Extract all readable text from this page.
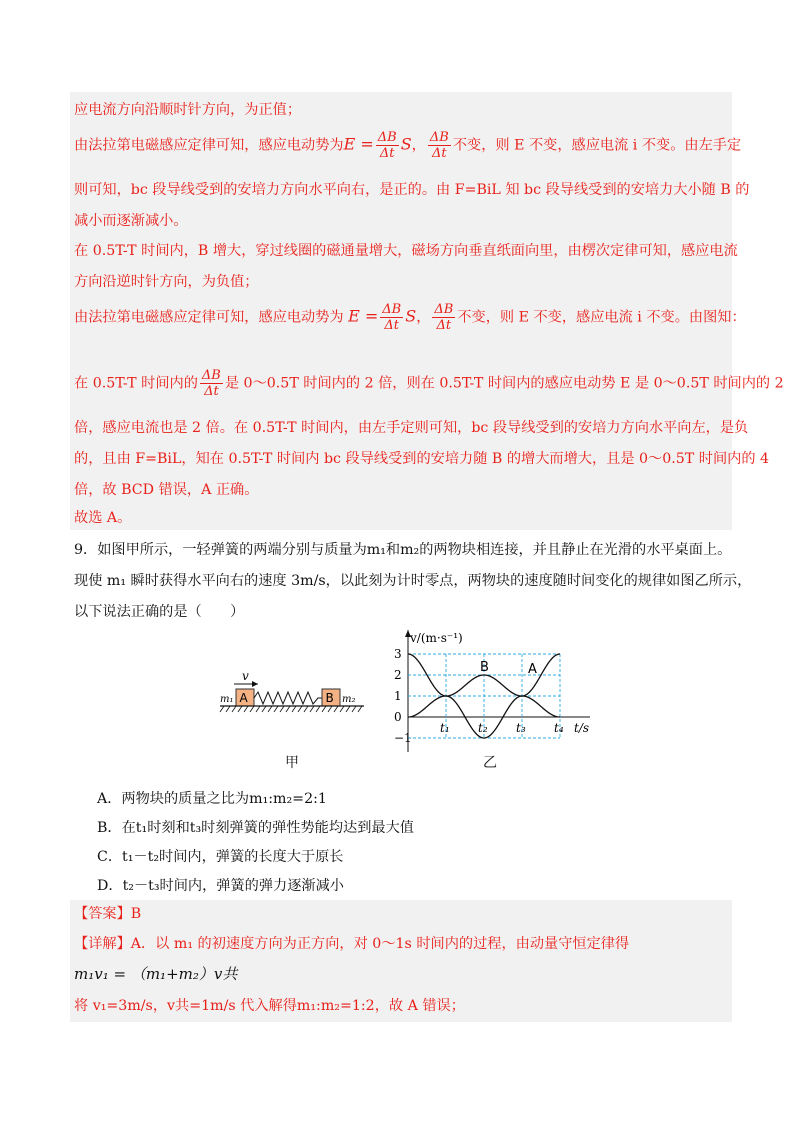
应电流方向沿顺时针方向，为正值；
由法拉第电磁感应定律可知，感应电动势为$E = \frac{\Delta B}{\Delta t}$ S， $\frac{\Delta B}{\Delta t}$ 不变，则 E 不变，感应电流 i 不变。由左手定
则可知，bc 段导线受到的安培力方向水平向右，是正的。由 F=BiL 知 bc 段导线受到的安培力大小随 B 的
减小而逐渐减小。
在 0.5T-T 时间内，B 增大，穿过线圈的磁通量增大，磁场方向垂直纸面向里，由楞次定律可知，感应电流
方向沿逆时针方向，为负值；
由法拉第电磁感应定律可知，感应电动势为 $E = \frac{\Delta B}{\Delta t}$ S， $\frac{\Delta B}{\Delta t}$ 不变，则 E 不变，感应电流 i 不变。由图知：
在 0.5T-T 时间内的 $\frac{\Delta B}{\Delta t}$ 是 0～0.5T 时间内的 2 倍，则在 0.5T-T 时间内的感应电动势 E 是 0～0.5T 时间内的 2
倍，感应电流也是 2 倍。在 0.5T-T 时间内，由左手定则可知，bc 段导线受到的安培力方向水平向左，是负
的，且由 F=BiL，知在 0.5T-T 时间内 bc 段导线受到的安培力随 B 的增大而增大，且是 0～0.5T 时间内的 4
倍，故 BCD 错误，A 正确。
故选 A。
9．如图甲所示，一轻弹簧的两端分别与质量为m₁和m₂的两物块相连接，并且静止在光滑的水平桌面上。
现使 m₁ 瞬时获得水平向右的速度 3m/s，以此刻为计时零点，两物块的速度随时间变化的规律如图乙所示，
以下说法正确的是（　　）
v
m₁ A	B m₂
甲
v/(m·s⁻¹)
t/s
3
2
1
0
−1
t₁ t₂ t₃ t₄
B	A
乙
A．两物块的质量之比为m₁:m₂=2:1
B．在t₁时刻和t₃时刻弹簧的弹性势能均达到最大值
C．t₁－t₂时间内，弹簧的长度大于原长
D．t₂－t₃时间内，弹簧的弹力逐渐减小
【答案】B
【详解】A．以 m₁ 的初速度方向为正方向，对 0～1s 时间内的过程，由动量守恒定律得
m₁v₁ = （m₁+m₂）v共
将 v₁=3m/s，v共=1m/s 代入解得m₁:m₂=1:2，故 A 错误；
